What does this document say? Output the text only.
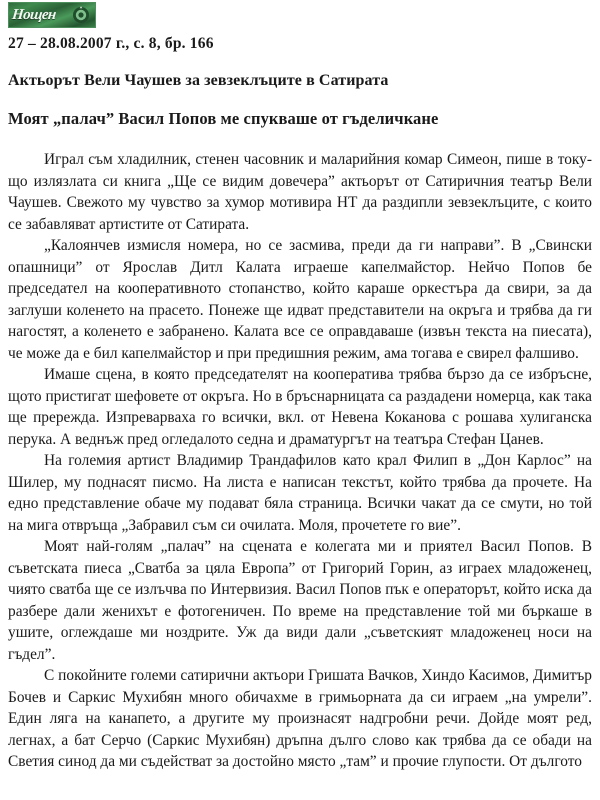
Нощен
27 – 28.08.2007 г., с. 8, бр. 166
Актьорът Вели Чаушев за зевзеклъците в Сатирата
Моят „палач” Васил Попов ме спукваше от гъделичкане

Играл съм хладилник, стенен часовник и маларийния комар Симеон, пише в току-що излязлата си книга „Ще се видим довечера” актьорът от Сатиричния театър Вели Чаушев. Свежото му чувство за хумор мотивира НТ да раздипли зевзеклъците, с които се забавляват артистите от Сатирата.

„Калоянчев измисля номера, но се засмива, преди да ги направи”. В „Свински опашници” от Ярослав Дитл Калата играеше капелмайстор. Нейчо Попов бе председател на кооперативното стопанство, който караше оркестъра да свири, за да заглуши коленето на прасето. Понеже ще идват представители на окръга и трябва да ги нагостят, а коленето е забранено. Калата все се оправдаваше (извън текста на пиесата), че може да е бил капелмайстор и при предишния режим, ама тогава е свирел фалшиво.

Имаше сцена, в която председателят на кооператива трябва бързо да се избръсне, щото пристигат шефовете от окръга. Но в бръснарницата са раздадени номерца, как така ще прережда. Изпреварваха го всички, вкл. от Невена Коканова с рошава хулиганска перука. А веднъж пред огледалото седна и драматургът на театъра Стефан Цанев.

На големия артист Владимир Трандафилов като крал Филип в „Дон Карлос” на Шилер, му поднасят писмо. На листа е написан текстът, който трябва да прочете. На едно представление обаче му подават бяла страница. Всички чакат да се смути, но той на мига отвръща „Забравил съм си очилата. Моля, прочетете го вие”.

Моят най-голям „палач” на сцената е колегата ми и приятел Васил Попов. В съветската пиеса „Сватба за цяла Европа” от Григорий Горин, аз играех младоженец, чиято сватба ще се излъчва по Интервизия. Васил Попов пък е операторът, който иска да разбере дали женихът е фотогеничен. По време на представление той ми бъркаше в ушите, оглеждаше ми ноздрите. Уж да види дали „съветският младоженец носи на гъдел”.

С покойните големи сатирични актьори Гришата Вачков, Хиндо Касимов, Димитър Бочев и Саркис Мухибян много обичахме в гримьорната да си играем „на умрели”. Един ляга на канапето, а другите му произнасят надгробни речи. Дойде моят ред, легнах, а бат Серчо (Саркис Мухибян) дръпна дълго слово как трябва да се обади на Светия синод да ми съдействат за достойно място „там” и прочие глупости. От дългото
